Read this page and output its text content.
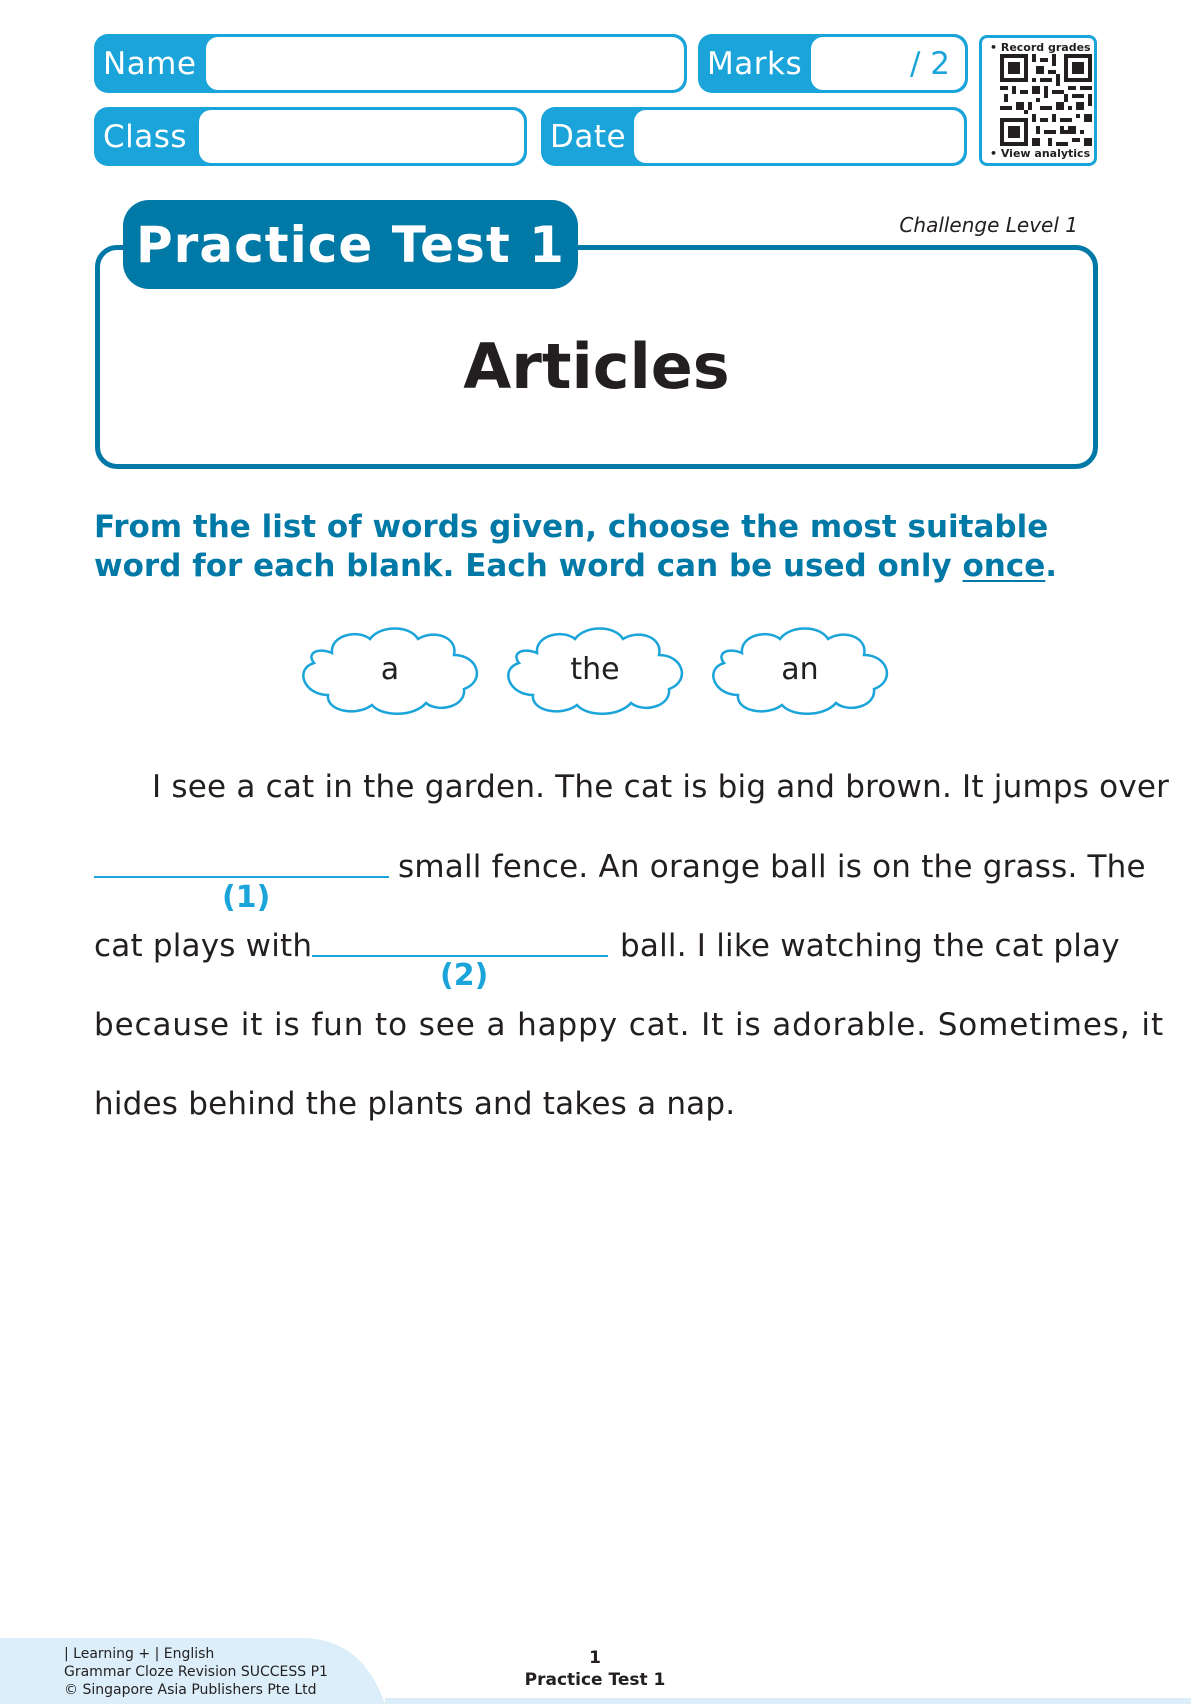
Name	Marks	/ 2
Class	Date
• Record grades
• View analytics
Practice Test 1	Challenge Level 1
Articles
From the list of words given, choose the most suitable word for each blank. Each word can be used only once.
a	the	an
I see a cat in the garden. The cat is big and brown. It jumps over
(1)
small fence. An orange ball is on the grass. The
cat plays with
(2)
ball. I like watching the cat play
because it is fun to see a happy cat. It is adorable. Sometimes, it
hides behind the plants and takes a nap.
| Learning + | English
Grammar Cloze Revision SUCCESS P1
© Singapore Asia Publishers Pte Ltd
1
Practice Test 1
